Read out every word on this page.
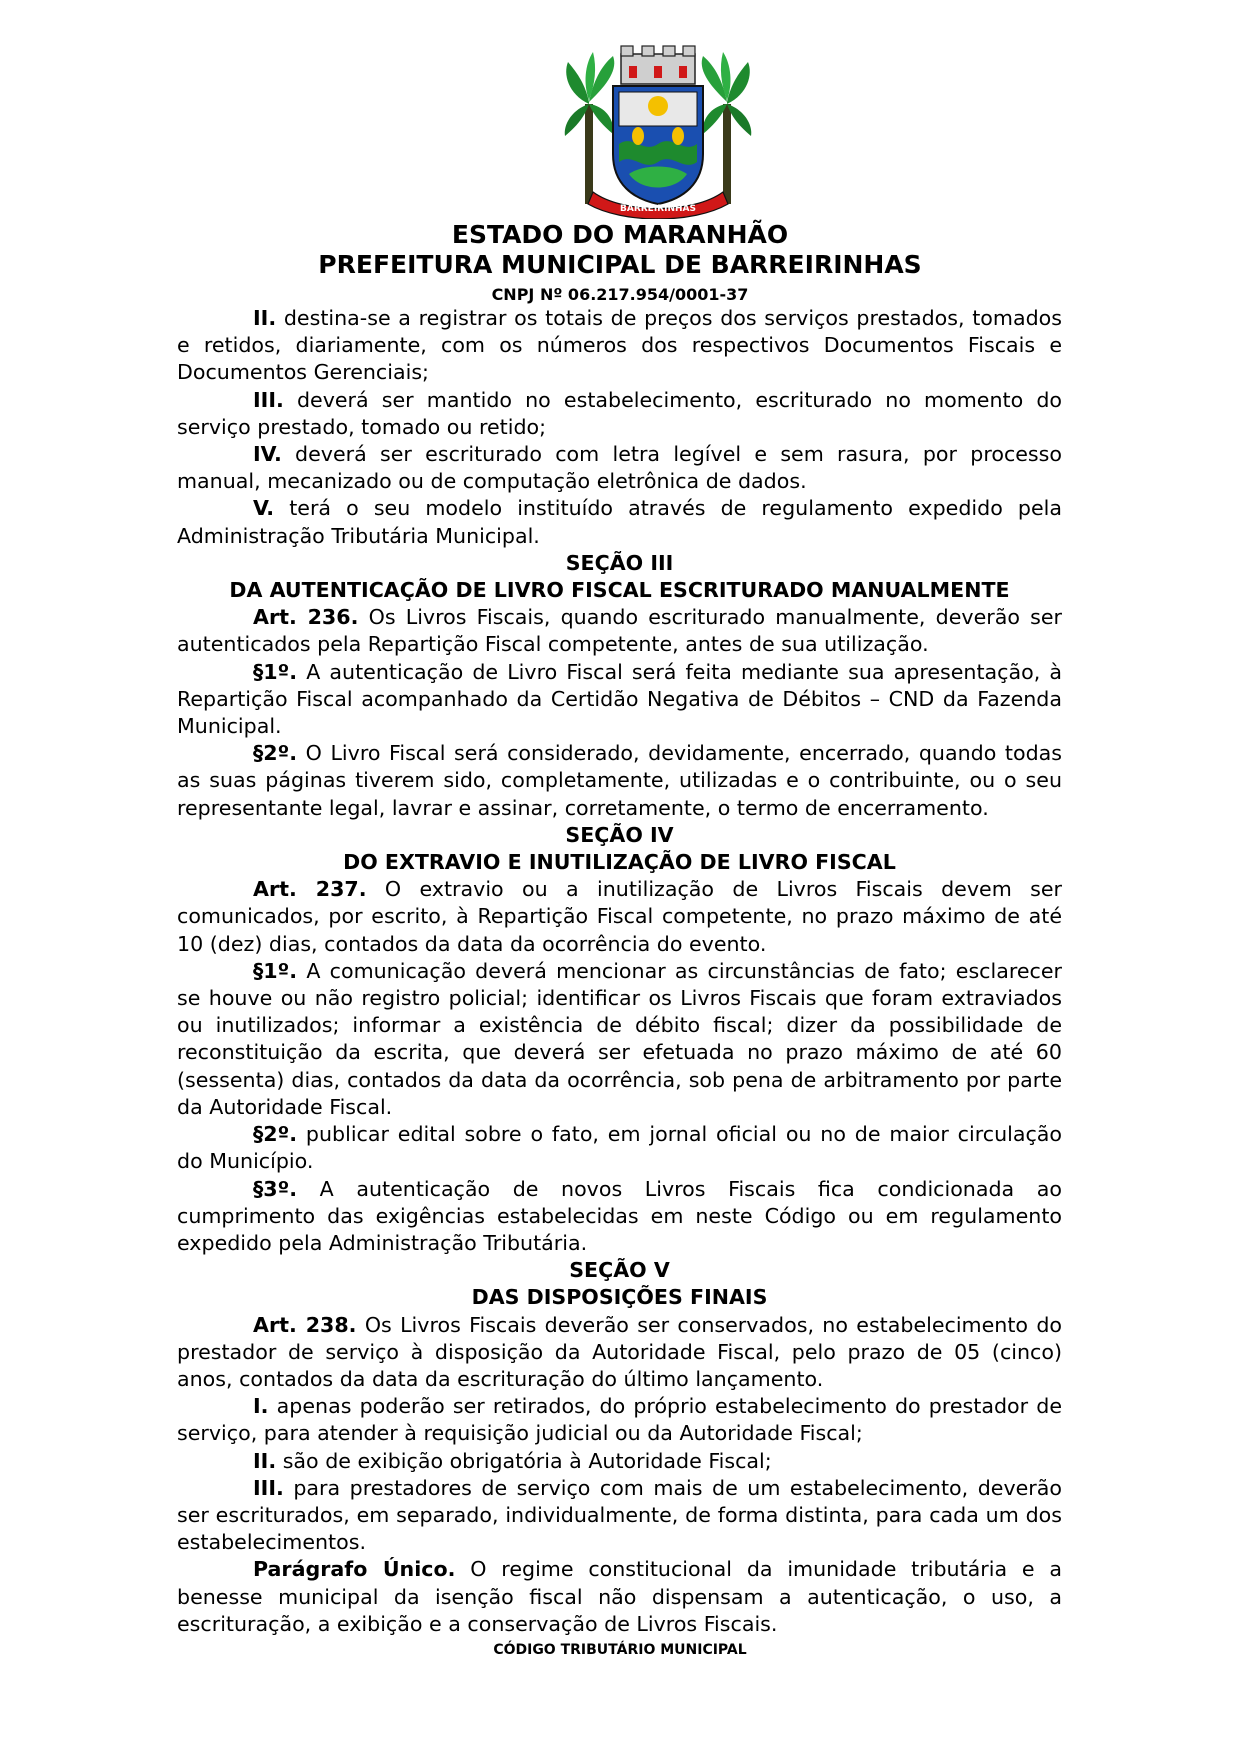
BARREIRINHAS

ESTADO DO MARANHÃO

PREFEITURA MUNICIPAL DE BARREIRINHAS

CNPJ Nº 06.217.954/0001-37

II. destina-se a registrar os totais de preços dos serviços prestados, tomados e retidos, diariamente, com os números dos respectivos Documentos Fiscais e Documentos Gerenciais;

III. deverá ser mantido no estabelecimento, escriturado no momento do serviço prestado, tomado ou retido;

IV. deverá ser escriturado com letra legível e sem rasura, por processo manual, mecanizado ou de computação eletrônica de dados.

V. terá o seu modelo instituído através de regulamento expedido pela Administração Tributária Municipal.

SEÇÃO III

DA AUTENTICAÇÃO DE LIVRO FISCAL ESCRITURADO MANUALMENTE

Art. 236. Os Livros Fiscais, quando escriturado manualmente, deverão ser autenticados pela Repartição Fiscal competente, antes de sua utilização.

§1º. A autenticação de Livro Fiscal será feita mediante sua apresentação, à Repartição Fiscal acompanhado da Certidão Negativa de Débitos – CND da Fazenda Municipal.

§2º. O Livro Fiscal será considerado, devidamente, encerrado, quando todas as suas páginas tiverem sido, completamente, utilizadas e o contribuinte, ou o seu representante legal, lavrar e assinar, corretamente, o termo de encerramento.

SEÇÃO IV

DO EXTRAVIO E INUTILIZAÇÃO DE LIVRO FISCAL

Art. 237. O extravio ou a inutilização de Livros Fiscais devem ser comunicados, por escrito, à Repartição Fiscal competente, no prazo máximo de até 10 (dez) dias, contados da data da ocorrência do evento.

§1º. A comunicação deverá mencionar as circunstâncias de fato; esclarecer se houve ou não registro policial; identificar os Livros Fiscais que foram extraviados ou inutilizados; informar a existência de débito fiscal; dizer da possibilidade de reconstituição da escrita, que deverá ser efetuada no prazo máximo de até 60 (sessenta) dias, contados da data da ocorrência, sob pena de arbitramento por parte da Autoridade Fiscal.

§2º. publicar edital sobre o fato, em jornal oficial ou no de maior circulação do Município.

§3º. A autenticação de novos Livros Fiscais fica condicionada ao cumprimento das exigências estabelecidas em neste Código ou em regulamento expedido pela Administração Tributária.

SEÇÃO V

DAS DISPOSIÇÕES FINAIS

Art. 238. Os Livros Fiscais deverão ser conservados, no estabelecimento do prestador de serviço à disposição da Autoridade Fiscal, pelo prazo de 05 (cinco) anos, contados da data da escrituração do último lançamento.

I. apenas poderão ser retirados, do próprio estabelecimento do prestador de serviço, para atender à requisição judicial ou da Autoridade Fiscal;

II. são de exibição obrigatória à Autoridade Fiscal;

III. para prestadores de serviço com mais de um estabelecimento, deverão ser escriturados, em separado, individualmente, de forma distinta, para cada um dos estabelecimentos.

Parágrafo Único. O regime constitucional da imunidade tributária e a benesse municipal da isenção fiscal não dispensam a autenticação, o uso, a escrituração, a exibição e a conservação de Livros Fiscais.

CÓDIGO TRIBUTÁRIO MUNICIPAL
